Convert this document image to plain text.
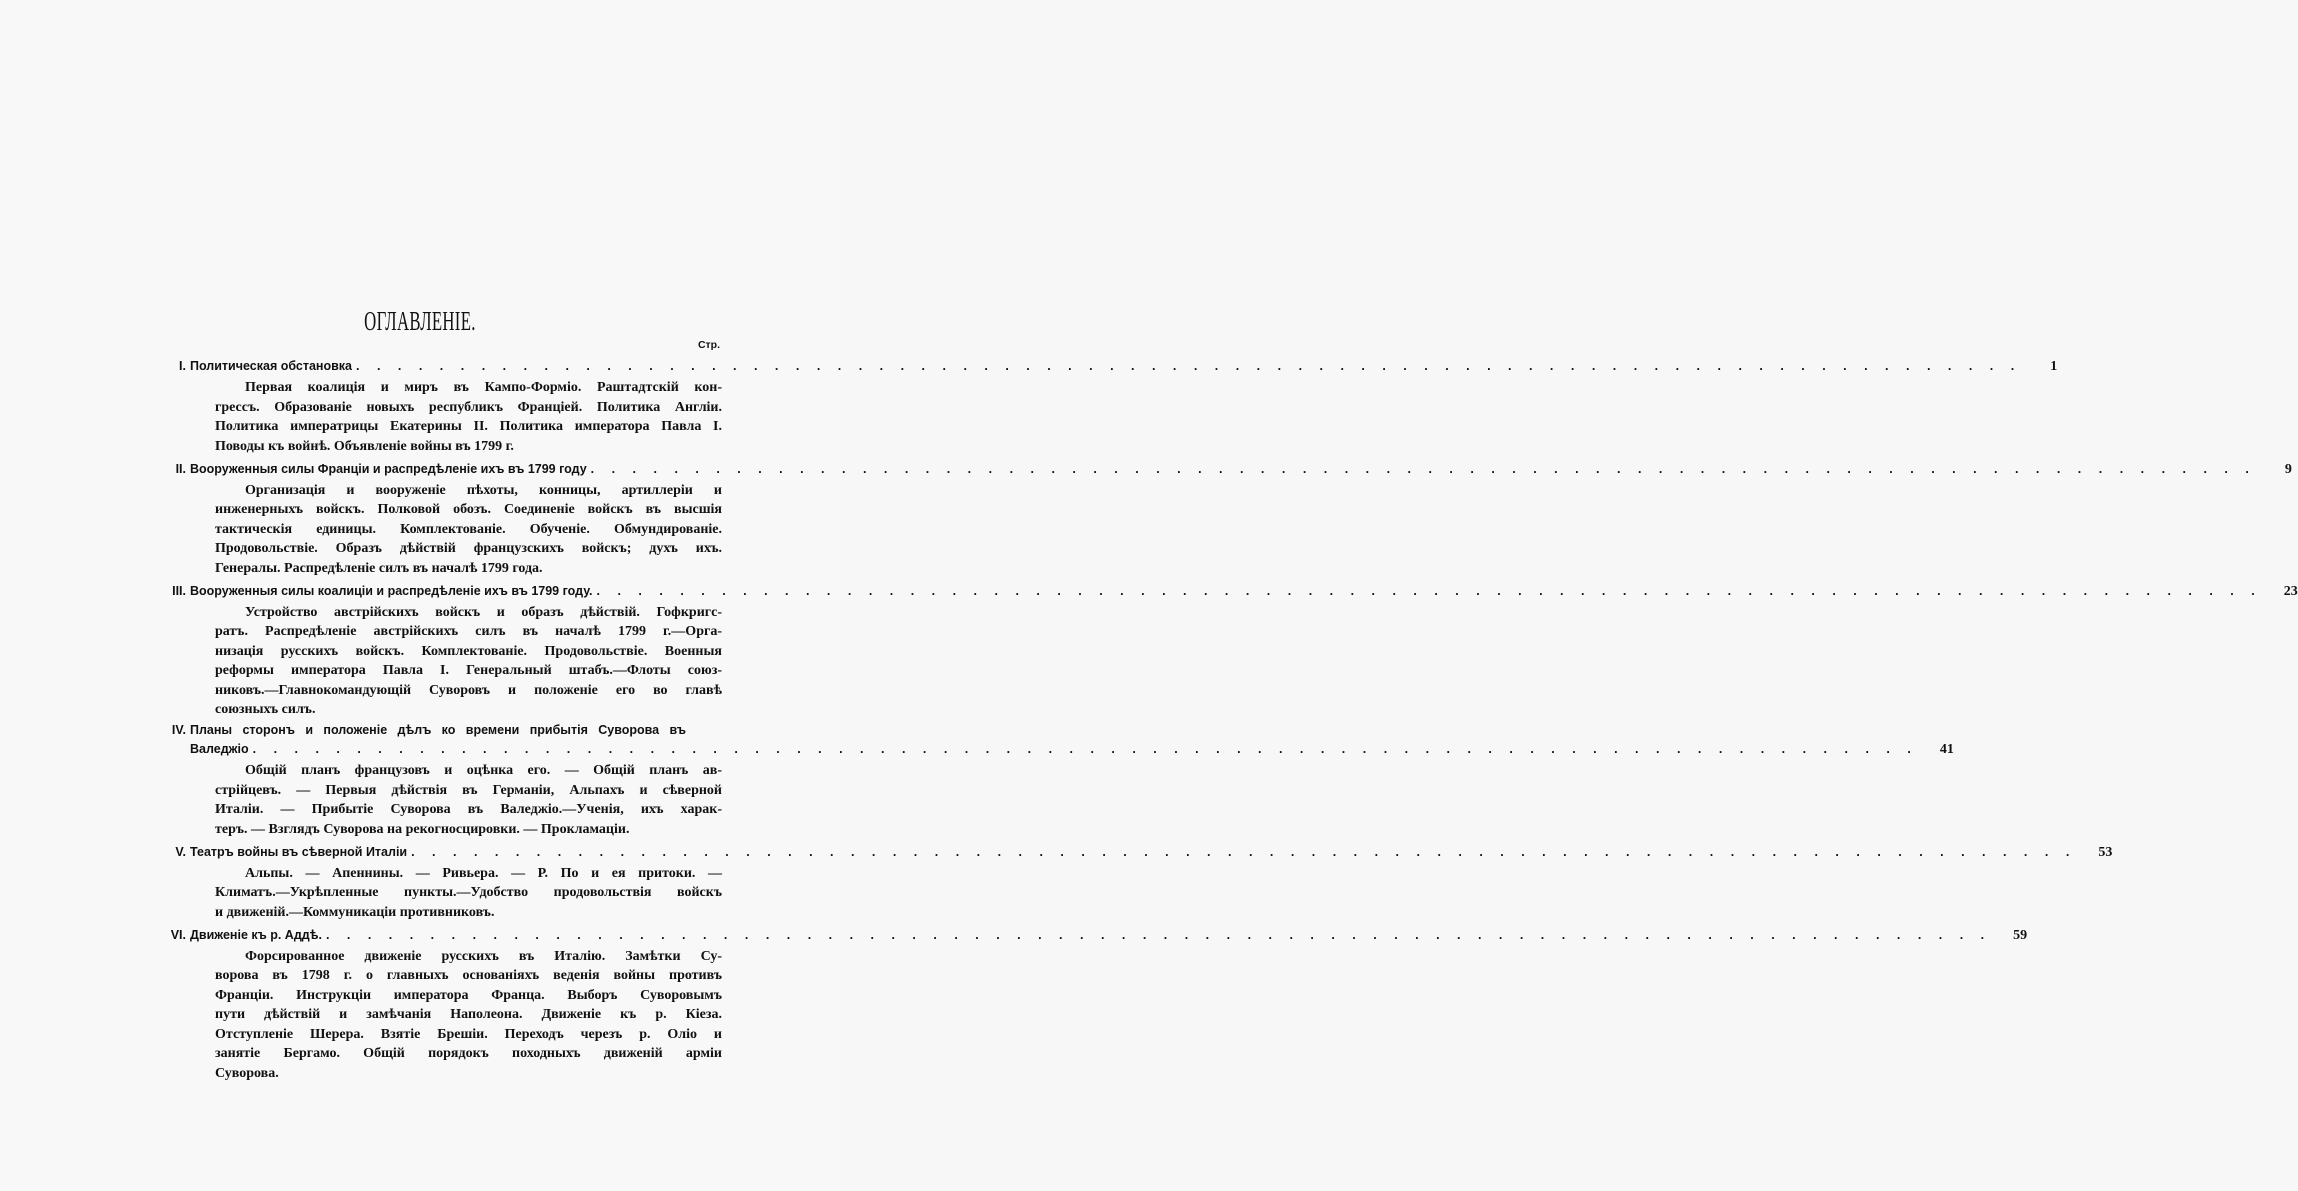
ОГЛАВЛЕНІЕ.
Стр.
I. Политическая обстановка . . . . . . . . . . . . . . . . . . . . . . . . . . . . . . . . . . . . . . . . . . . . . . . . . . . . . . . . . . . . . . . . . . . . . . . . . . . . . . . .	1
Первая коалиція и миръ въ Кампо-Форміо. Раштадтскій кон-
грессъ. Образованіе новыхъ республикъ Франціей. Политика Англіи.
Политика императрицы Екатерины II. Политика императора Павла I.
Поводы къ войнѣ. Объявленіе войны въ 1799 г.
II. Вооруженныя силы Франціи и распредѣленіе ихъ въ 1799 году . . . . . . . . . . . . . . . . . . . . . . . . . . . . . . . . . . . . . . . . . . . . . . . . . . . . . . . . . . . . . . . . . . . . . . . . . . . . . . . .	9
Организація и вооруженіе пѣхоты, конницы, артиллеріи и
инженерныхъ войскъ. Полковой обозъ. Соединеніе войскъ въ высшія
тактическія единицы. Комплектованіе. Обученіе. Обмундированіе.
Продовольствіе. Образъ дѣйствій французскихъ войскъ; духъ ихъ.
Генералы. Распредѣленіе силъ въ началѣ 1799 года.
III. Вооруженныя силы коалиціи и распредѣленіе ихъ въ 1799 году. . . . . . . . . . . . . . . . . . . . . . . . . . . . . . . . . . . . . . . . . . . . . . . . . . . . . . . . . . . . . . . . . . . . . . . . . . . . . . . . .	23
Устройство австрійскихъ войскъ и образъ дѣйствій. Гофкригс-
ратъ. Распредѣленіе австрійскихъ силъ въ началѣ 1799 г.—Орга-
низація русскихъ войскъ. Комплектованіе. Продовольствіе. Военныя
реформы императора Павла I. Генеральный штабъ.—Флоты союз-
никовъ.—Главнокомандующій Суворовъ и положеніе его во главѣ
союзныхъ силъ.
IV. Планы сторонъ и положеніе дѣлъ ко времени прибытія Суворова въ
Валеджіо . . . . . . . . . . . . . . . . . . . . . . . . . . . . . . . . . . . . . . . . . . . . . . . . . . . . . . . . . . . . . . . . . . . . . . . . . . . . . . . .	41
Общій планъ французовъ и оцѣнка его. — Общій планъ ав-
стрійцевъ. — Первыя дѣйствія въ Германіи, Альпахъ и сѣверной
Италіи. — Прибытіе Суворова въ Валеджіо.—Ученія, ихъ харак-
теръ. — Взглядъ Суворова на рекогносцировки. — Прокламаціи.
V. Театръ войны въ сѣверной Италіи . . . . . . . . . . . . . . . . . . . . . . . . . . . . . . . . . . . . . . . . . . . . . . . . . . . . . . . . . . . . . . . . . . . . . . . . . . . . . . . .	53
Альпы. — Апеннины. — Ривьера. — Р. По и ея притоки. —
Климатъ.—Укрѣпленные пункты.—Удобство продовольствія войскъ
и движеній.—Коммуникаціи противниковъ.
VI. Движеніе къ р. Аддѣ. . . . . . . . . . . . . . . . . . . . . . . . . . . . . . . . . . . . . . . . . . . . . . . . . . . . . . . . . . . . . . . . . . . . . . . . . . . . . . . . .	59
Форсированное движеніе русскихъ въ Италію. Замѣтки Су-
ворова въ 1798 г. о главныхъ основаніяхъ веденія войны противъ
Франціи. Инструкціи императора Франца. Выборъ Суворовымъ
пути дѣйствій и замѣчанія Наполеона. Движеніе къ р. Кіеза.
Отступленіе Шерера. Взятіе Брешіи. Переходъ черезъ р. Оліо и
занятіе Бергамо. Общій порядокъ походныхъ движеній арміи
Суворова.
